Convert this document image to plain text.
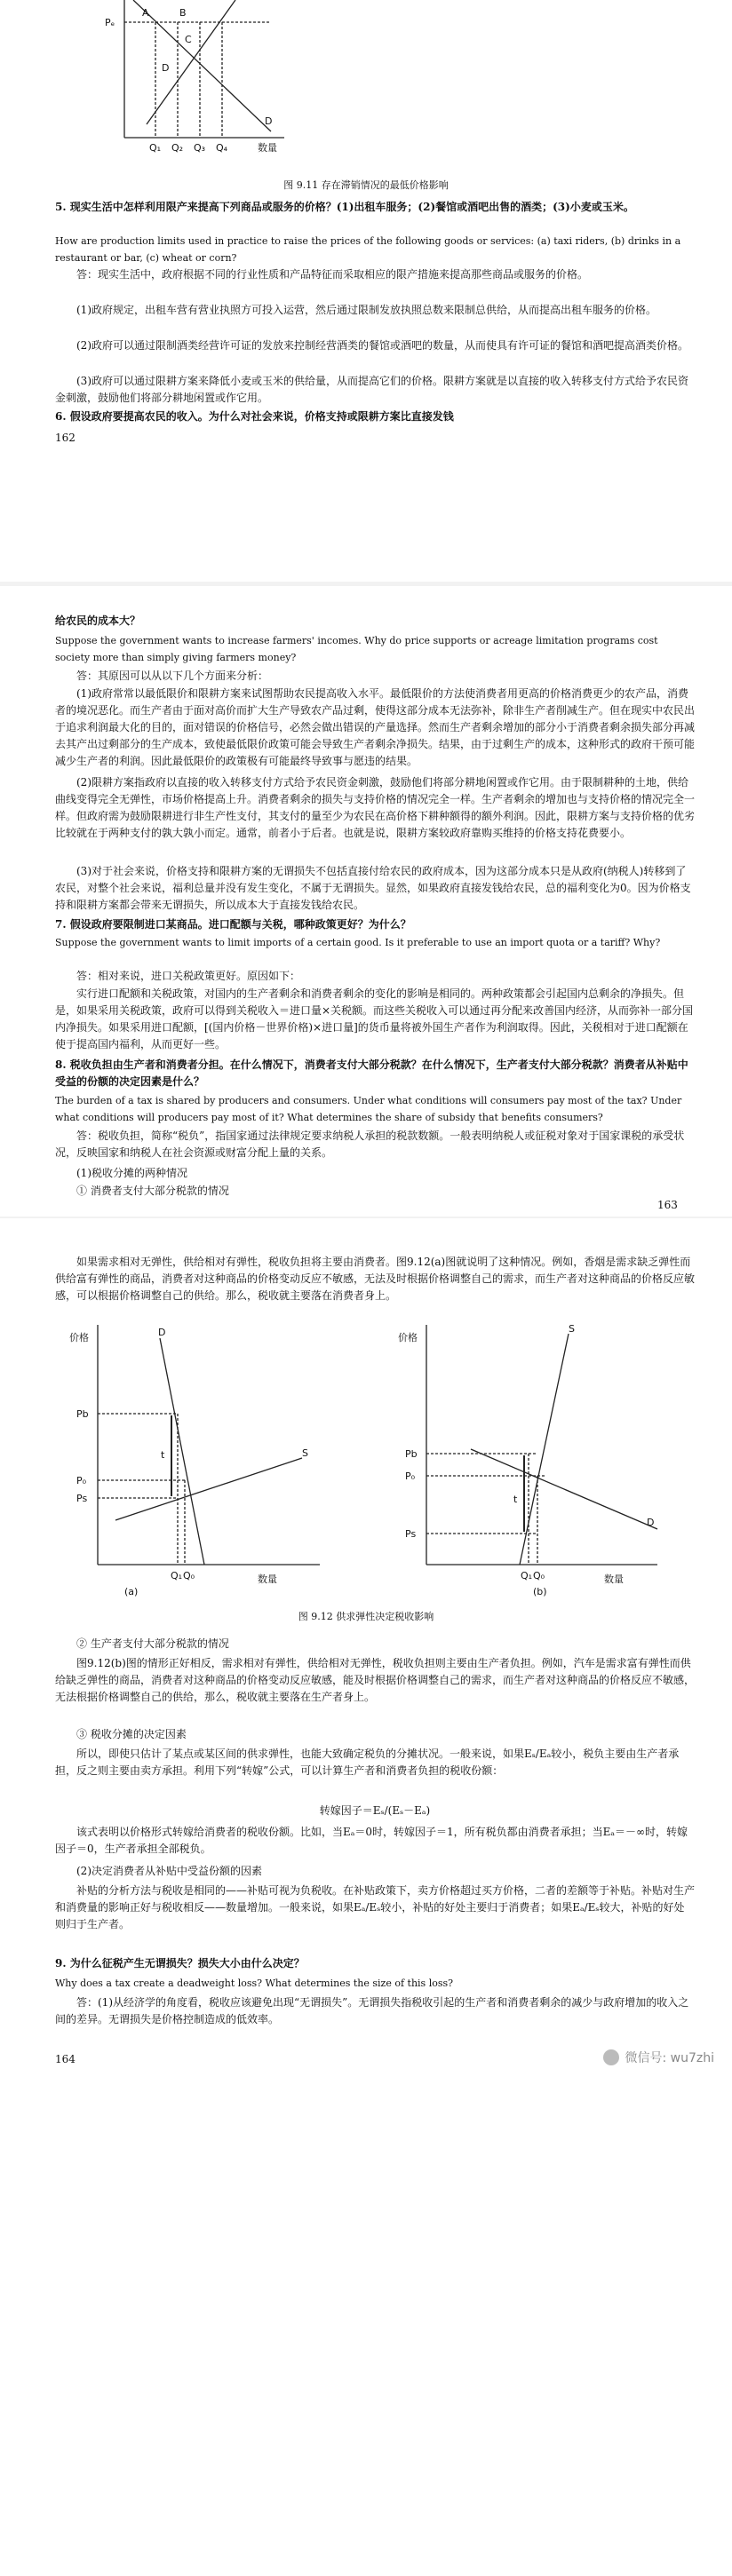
Pₑ
A	B
C
D
D
Q₁ Q₂ Q₃ Q₄	数量
图 9.11 存在滞销情况的最低价格影响

5. 现实生活中怎样利用限产来提高下列商品或服务的价格？(1)出租车服务；(2)餐馆或酒吧出售的酒类；(3)小麦或玉米。

How are production limits used in practice to raise the prices of the following goods or services: (a) taxi riders, (b) drinks in a restaurant or bar, (c) wheat or corn?

答：现实生活中，政府根据不同的行业性质和产品特征而采取相应的限产措施来提高那些商品或服务的价格。

(1)政府规定，出租车营有营业执照方可投入运营，然后通过限制发放执照总数来限制总供给，从而提高出租车服务的价格。

(2)政府可以通过限制酒类经营许可证的发放来控制经营酒类的餐馆或酒吧的数量，从而使具有许可证的餐馆和酒吧提高酒类价格。

(3)政府可以通过限耕方案来降低小麦或玉米的供给量，从而提高它们的价格。限耕方案就是以直接的收入转移支付方式给予农民资金刺激，鼓励他们将部分耕地闲置或作它用。

6. 假设政府要提高农民的收入。为什么对社会来说，价格支持或限耕方案比直接发钱

162

给农民的成本大？

Suppose the government wants to increase farmers' incomes. Why do price supports or acreage limitation programs cost society more than simply giving farmers money?

答：其原因可以从以下几个方面来分析：

(1)政府常常以最低限价和限耕方案来试图帮助农民提高收入水平。最低限价的方法使消费者用更高的价格消费更少的农产品，消费者的境况恶化。而生产者由于面对高价而扩大生产导致农产品过剩，使得这部分成本无法弥补，除非生产者削减生产。但在现实中农民出于追求利润最大化的目的，面对错误的价格信号，必然会做出错误的产量选择。然而生产者剩余增加的部分小于消费者剩余损失部分再减去其产出过剩部分的生产成本，致使最低限价政策可能会导致生产者剩余净损失。结果，由于过剩生产的成本，这种形式的政府干预可能减少生产者的利润。因此最低限价的政策极有可能最终导致事与愿违的结果。

(2)限耕方案指政府以直接的收入转移支付方式给予农民资金刺激，鼓励他们将部分耕地闲置或作它用。由于限制耕种的土地，供给曲线变得完全无弹性，市场价格提高上升。消费者剩余的损失与支持价格的情况完全一样。生产者剩余的增加也与支持价格的情况完全一样。但政府需为鼓励限耕进行非生产性支付，其支付的量至少为农民在高价格下耕种额得的额外利润。因此，限耕方案与支持价格的优劣比较就在于两种支付的孰大孰小而定。通常，前者小于后者。也就是说，限耕方案较政府靠购买维持的价格支持花费要小。

(3)对于社会来说，价格支持和限耕方案的无谓损失不包括直接付给农民的政府成本，因为这部分成本只是从政府(纳税人)转移到了农民，对整个社会来说，福利总量并没有发生变化，不属于无谓损失。显然，如果政府直接发钱给农民，总的福利变化为0。因为价格支持和限耕方案都会带来无谓损失，所以成本大于直接发钱给农民。

7. 假设政府要限制进口某商品。进口配额与关税，哪种政策更好？为什么？

Suppose the government wants to limit imports of a certain good. Is it preferable to use an import quota or a tariff? Why?

答：相对来说，进口关税政策更好。原因如下：

实行进口配额和关税政策，对国内的生产者剩余和消费者剩余的变化的影响是相同的。两种政策都会引起国内总剩余的净损失。但是，如果采用关税政策，政府可以得到关税收入＝进口量×关税额。而这些关税收入可以通过再分配来改善国内经济，从而弥补一部分国内净损失。如果采用进口配额，[(国内价格－世界价格)×进口量]的货币量将被外国生产者作为利润取得。因此，关税相对于进口配额在使于提高国内福利，从而更好一些。

8. 税收负担由生产者和消费者分担。在什么情况下，消费者支付大部分税款？在什么情况下，生产者支付大部分税款？消费者从补贴中受益的份额的决定因素是什么？

The burden of a tax is shared by producers and consumers. Under what conditions will consumers pay most of the tax? Under what conditions will producers pay most of it? What determines the share of subsidy that benefits consumers?

答：税收负担，简称“税负”，指国家通过法律规定要求纳税人承担的税款数额。一般表明纳税人或征税对象对于国家课税的承受状况，反映国家和纳税人在社会资源或财富分配上量的关系。

(1)税收分摊的两种情况

① 消费者支付大部分税款的情况

163

如果需求相对无弹性，供给相对有弹性，税收负担将主要由消费者。图9.12(a)图就说明了这种情况。例如，香烟是需求缺乏弹性而供给富有弹性的商品，消费者对这种商品的价格变动反应不敏感，无法及时根据价格调整自己的需求，而生产者对这种商品的价格反应敏感，可以根据价格调整自己的供给。那么，税收就主要落在消费者身上。

价格	D
S
Pb
P₀
Ps
t
Q₁ Q₀	数量
(a)
价格
S
D
Pb
P₀
Ps
t
Q₁ Q₀	数量
(b)
图 9.12 供求弹性决定税收影响

② 生产者支付大部分税款的情况

图9.12(b)图的情形正好相反，需求相对有弹性，供给相对无弹性，税收负担则主要由生产者负担。例如，汽车是需求富有弹性而供给缺乏弹性的商品，消费者对这种商品的价格变动反应敏感，能及时根据价格调整自己的需求，而生产者对这种商品的价格反应不敏感，无法根据价格调整自己的供给，那么，税收就主要落在生产者身上。

③ 税收分摊的决定因素

所以，即使只估计了某点或某区间的供求弹性，也能大致确定税负的分摊状况。一般来说，如果Eₛ/Eₐ较小，税负主要由生产者承担，反之则主要由卖方承担。利用下列“转嫁”公式，可以计算生产者和消费者负担的税收份额：

转嫁因子＝Eₛ/(Eₛ－Eₐ)

该式表明以价格形式转嫁给消费者的税收份额。比如，当Eₐ＝0时，转嫁因子＝1，所有税负都由消费者承担；当Eₐ＝－∞时，转嫁因子＝0，生产者承担全部税负。

(2)决定消费者从补贴中受益份额的因素

补贴的分析方法与税收是相同的——补贴可视为负税收。在补贴政策下，卖方价格超过买方价格，二者的差额等于补贴。补贴对生产和消费量的影响正好与税收相反——数量增加。一般来说，如果Eₐ/Eₛ较小，补贴的好处主要归于消费者；如果Eₐ/Eₛ较大，补贴的好处则归于生产者。

9. 为什么征税产生无谓损失？损失大小由什么决定？

Why does a tax create a deadweight loss? What determines the size of this loss?

答：(1)从经济学的角度看，税收应该避免出现“无谓损失”。无谓损失指税收引起的生产者和消费者剩余的减少与政府增加的收入之间的差异。无谓损失是价格控制造成的低效率。

164	微信号: wu7zhi
